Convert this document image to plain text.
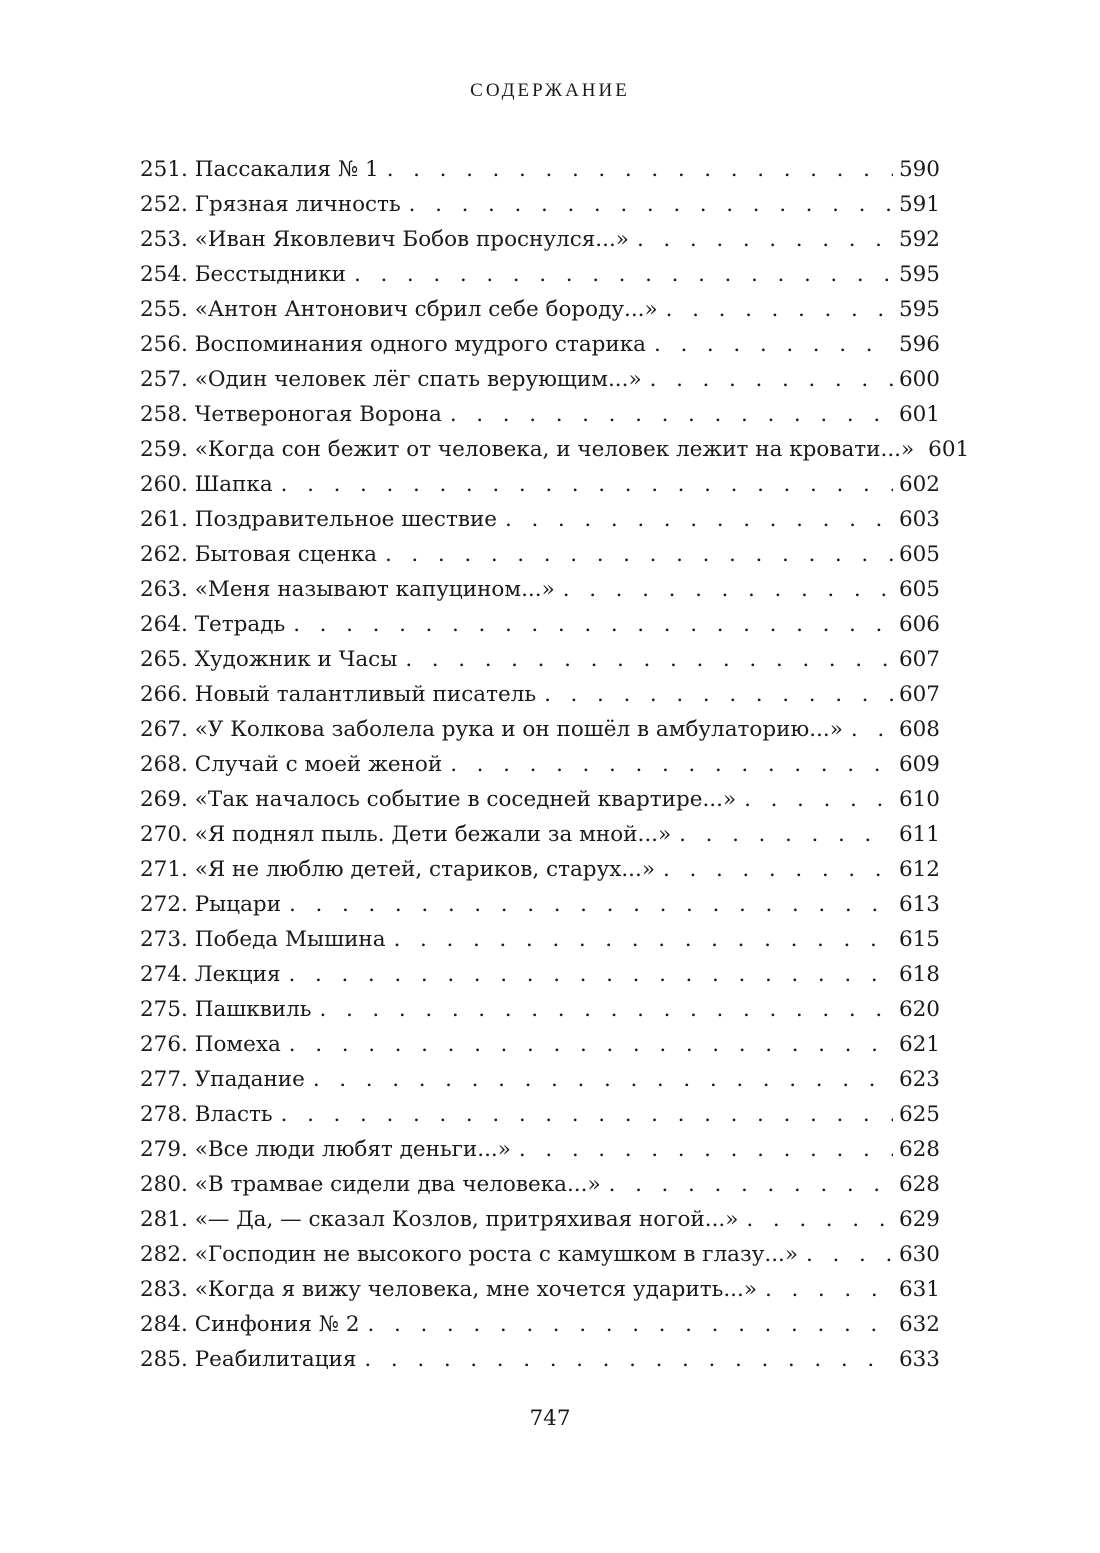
СОДЕРЖАНИЕ
251. Пассакалия № 1 . . .	590
252. Грязная личность . . .	591
253. «Иван Яковлевич Бобов проснулся...» . . .	592
254. Бесстыдники . . .	595
255. «Антон Антонович сбрил себе бороду...» . . .	595
256. Воспоминания одного мудрого старика . . .	596
257. «Один человек лёг спать верующим...» . . .	600
258. Четвероногая Ворона . . .	601
259. «Когда сон бежит от человека, и человек лежит на кровати...» 601
260. Шапка . . .	602
261. Поздравительное шествие . . .	603
262. Бытовая сценка . . .	605
263. «Меня называют капуцином...» . . .	605
264. Тетрадь . . .	606
265. Художник и Часы . . .	607
266. Новый талантливый писатель . . .	607
267. «У Колкова заболела рука и он пошёл в амбулаторию...» . . .	608
268. Случай с моей женой . . .	609
269. «Так началось событие в соседней квартире...» . . .	610
270. «Я поднял пыль. Дети бежали за мной...» . . .	611
271. «Я не люблю детей, стариков, старух...» . . .	612
272. Рыцари . . .	613
273. Победа Мышина . . .	615
274. Лекция . . .	618
275. Пашквиль . . .	620
276. Помеха . . .	621
277. Упадание . . .	623
278. Власть . . .	625
279. «Все люди любят деньги...» . . .	628
280. «В трамвае сидели два человека...» . . .	628
281. «— Да, — сказал Козлов, притряхивая ногой...» . . .	629
282. «Господин не высокого роста с камушком в глазу...» . . .	630
283. «Когда я вижу человека, мне хочется ударить...» . . .	631
284. Синфония № 2 . . .	632
285. Реабилитация . . .	633
747
